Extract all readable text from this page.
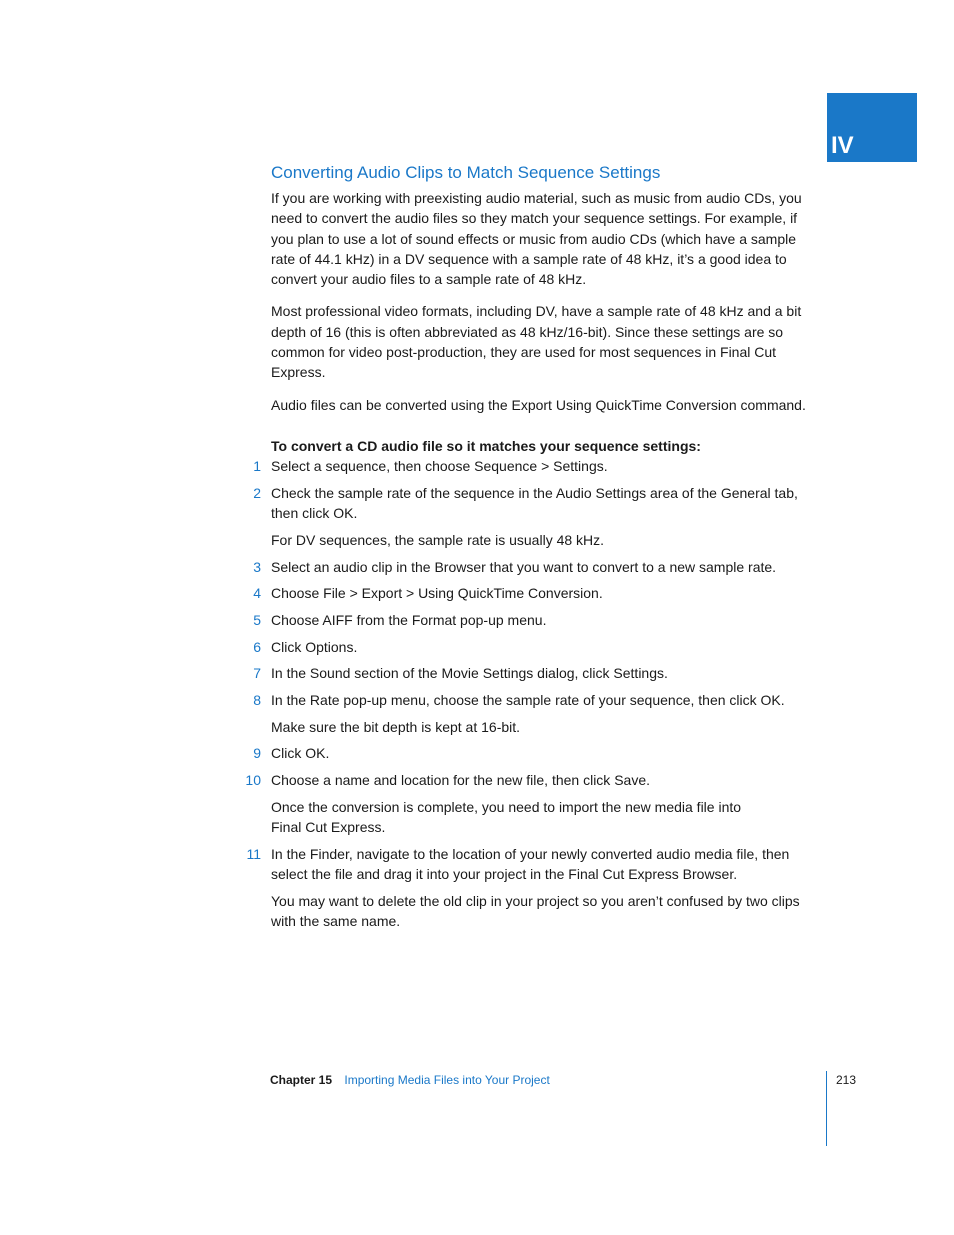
IV
Converting Audio Clips to Match Sequence Settings

If you are working with preexisting audio material, such as music from audio CDs, you need to convert the audio files so they match your sequence settings. For example, if you plan to use a lot of sound effects or music from audio CDs (which have a sample rate of 44.1 kHz) in a DV sequence with a sample rate of 48 kHz, it’s a good idea to convert your audio files to a sample rate of 48 kHz.

Most professional video formats, including DV, have a sample rate of 48 kHz and a bit depth of 16 (this is often abbreviated as 48 kHz/16-bit). Since these settings are so common for video post-production, they are used for most sequences in Final Cut Express.

Audio files can be converted using the Export Using QuickTime Conversion command.

To convert a CD audio file so it matches your sequence settings:

1 Select a sequence, then choose Sequence > Settings.
2 Check the sample rate of the sequence in the Audio Settings area of the General tab, then click OK.
For DV sequences, the sample rate is usually 48 kHz.
3 Select an audio clip in the Browser that you want to convert to a new sample rate.
4 Choose File > Export > Using QuickTime Conversion.
5 Choose AIFF from the Format pop-up menu.
6 Click Options.
7 In the Sound section of the Movie Settings dialog, click Settings.
8 In the Rate pop-up menu, choose the sample rate of your sequence, then click OK.
Make sure the bit depth is kept at 16-bit.
9 Click OK.
10 Choose a name and location for the new file, then click Save.
Once the conversion is complete, you need to import the new media file into Final Cut Express.
11 In the Finder, navigate to the location of your newly converted audio media file, then select the file and drag it into your project in the Final Cut Express Browser.
You may want to delete the old clip in your project so you aren’t confused by two clips with the same name.
Chapter 15 Importing Media Files into Your Project	213
